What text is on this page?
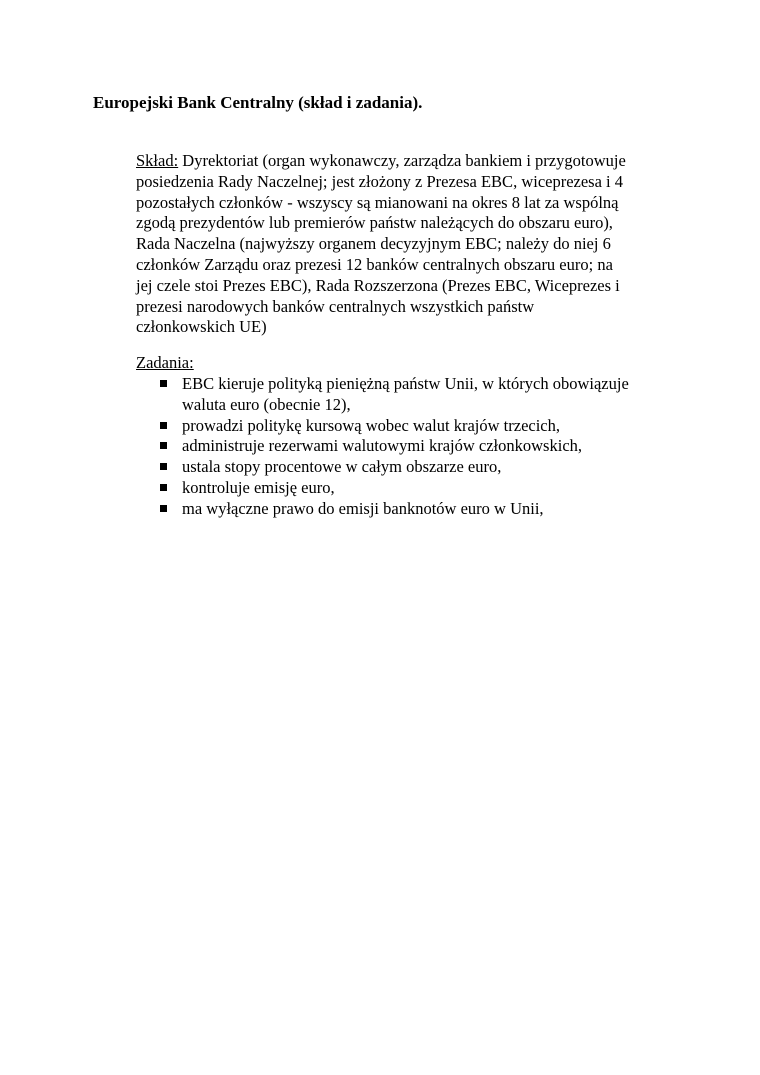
Europejski Bank Centralny (skład i zadania).
Skład: Dyrektoriat (organ wykonawczy, zarządza bankiem i przygotowuje
posiedzenia Rady Naczelnej; jest złożony z Prezesa EBC, wiceprezesa i 4
pozostałych członków - wszyscy są mianowani na okres 8 lat za wspólną
zgodą prezydentów lub premierów państw należących do obszaru euro),
Rada Naczelna (najwyższy organem decyzyjnym EBC; należy do niej 6
członków Zarządu oraz prezesi 12 banków centralnych obszaru euro; na
jej czele stoi Prezes EBC), Rada Rozszerzona (Prezes EBC, Wiceprezes i
prezesi narodowych banków centralnych wszystkich państw
członkowskich UE)
Zadania:
EBC kieruje polityką pieniężną państw Unii, w których obowiązuje
waluta euro (obecnie 12),
prowadzi politykę kursową wobec walut krajów trzecich,
administruje rezerwami walutowymi krajów członkowskich,
ustala stopy procentowe w całym obszarze euro,
kontroluje emisję euro,
ma wyłączne prawo do emisji banknotów euro w Unii,
